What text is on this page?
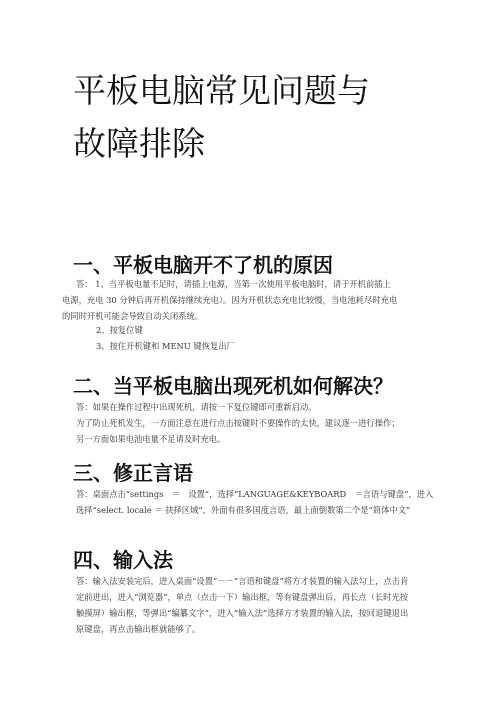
平板电脑常见问题与
故障排除
一、平板电脑开不了机的原因
答： 1、当平板电量不足时，请插上电源，当第一次使用平板电脑时，请于开机前插上
电源，充电 30 分钟后再开机保持继续充电）。因为开机状态充电比较慢，当电池耗尽时充电
的同时开机可能会导致自动关闭系统。
2、按复位键
3、按住开机键和 MENU 键恢复出厂
二、当平板电脑出现死机如何解决？
答：如果在操作过程中出现死机，请按一下复位键即可重新启动。
为了防止死机发生，一方面注意在进行点击按键时不要操作的太快，建议逐一进行操作；
另一方面如果电池电量不足请及时充电。
三、修正言语
答：桌面点击“settings　＝　设置”，选择“LANGUAGE&KEYBOARD　＝言语与键盘”，进入
选择“select. locale ＝ 抉择区域”，外面有很多国度言语，最上面倒数第二个是“简体中文”
四、输入法
答：输入法安装完后，进入桌面“设置”－－“言语和键盘”将方才装置的输入法勾上，点击肯
定前进出，进入“浏览器”，单点（点击一下）输出框，等有键盘弹出后，再长点（长时光按
触摸屏）输出框，等弹出“编纂文字”，进入“输入法”选择方才装置的输入法，按回退键退出
原键盘，再点击输出框就能够了。
